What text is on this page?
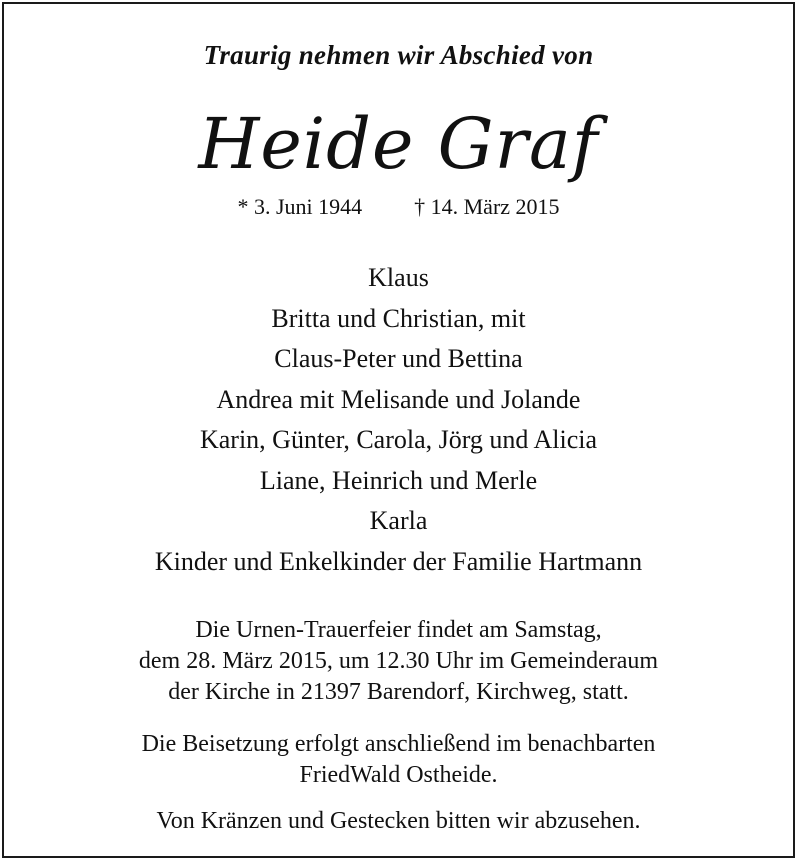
Traurig nehmen wir Abschied von
Heide Graf
* 3. Juni 1944 † 14. März 2015
Klaus
Britta und Christian, mit
Claus-Peter und Bettina
Andrea mit Melisande und Jolande
Karin, Günter, Carola, Jörg und Alicia
Liane, Heinrich und Merle
Karla
Kinder und Enkelkinder der Familie Hartmann
Die Urnen-Trauerfeier findet am Samstag,
dem 28. März 2015, um 12.30 Uhr im Gemeinderaum
der Kirche in 21397 Barendorf, Kirchweg, statt.
Die Beisetzung erfolgt anschließend im benachbarten
FriedWald Ostheide.
Von Kränzen und Gestecken bitten wir abzusehen.
